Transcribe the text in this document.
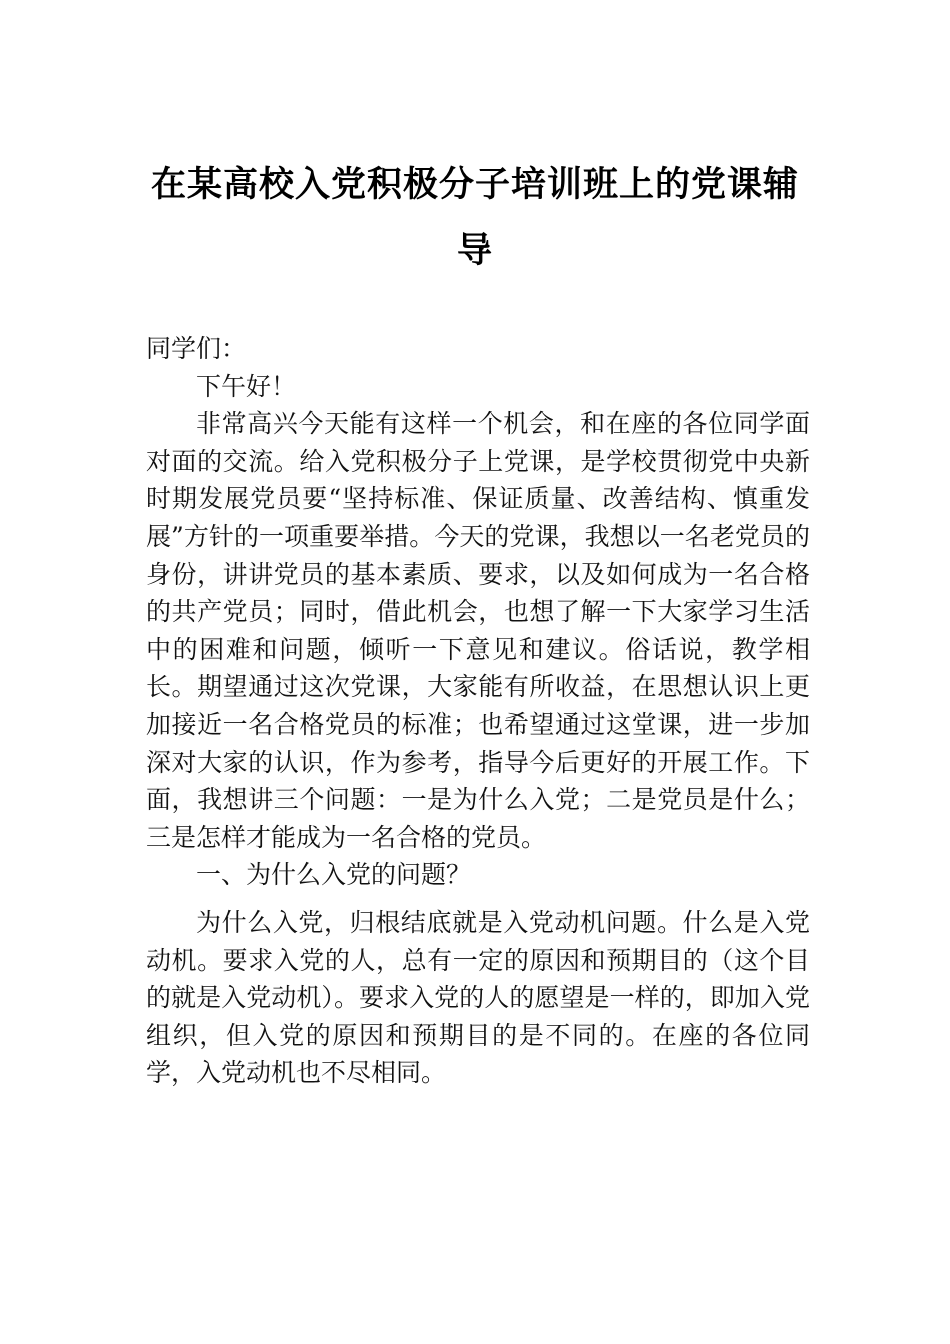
在某高校入党积极分子培训班上的党课辅导

同学们：

下午好！

非常高兴今天能有这样一个机会，和在座的各位同学面对面的交流。给入党积极分子上党课，是学校贯彻党中央新时期发展党员要“坚持标准、保证质量、改善结构、慎重发展”方针的一项重要举措。今天的党课，我想以一名老党员的身份，讲讲党员的基本素质、要求，以及如何成为一名合格的共产党员；同时，借此机会，也想了解一下大家学习生活中的困难和问题，倾听一下意见和建议。俗话说，教学相长。期望通过这次党课，大家能有所收益，在思想认识上更加接近一名合格党员的标准；也希望通过这堂课，进一步加深对大家的认识，作为参考，指导今后更好的开展工作。下面，我想讲三个问题：一是为什么入党；二是党员是什么； 三是怎样才能成为一名合格的党员。

一、为什么入党的问题？

为什么入党，归根结底就是入党动机问题。什么是入党动机。要求入党的人，总有一定的原因和预期目的（这个目的就是入党动机）。要求入党的人的愿望是一样的，即加入党组织，但入党的原因和预期目的是不同的。在座的各位同学，入党动机也不尽相同。
